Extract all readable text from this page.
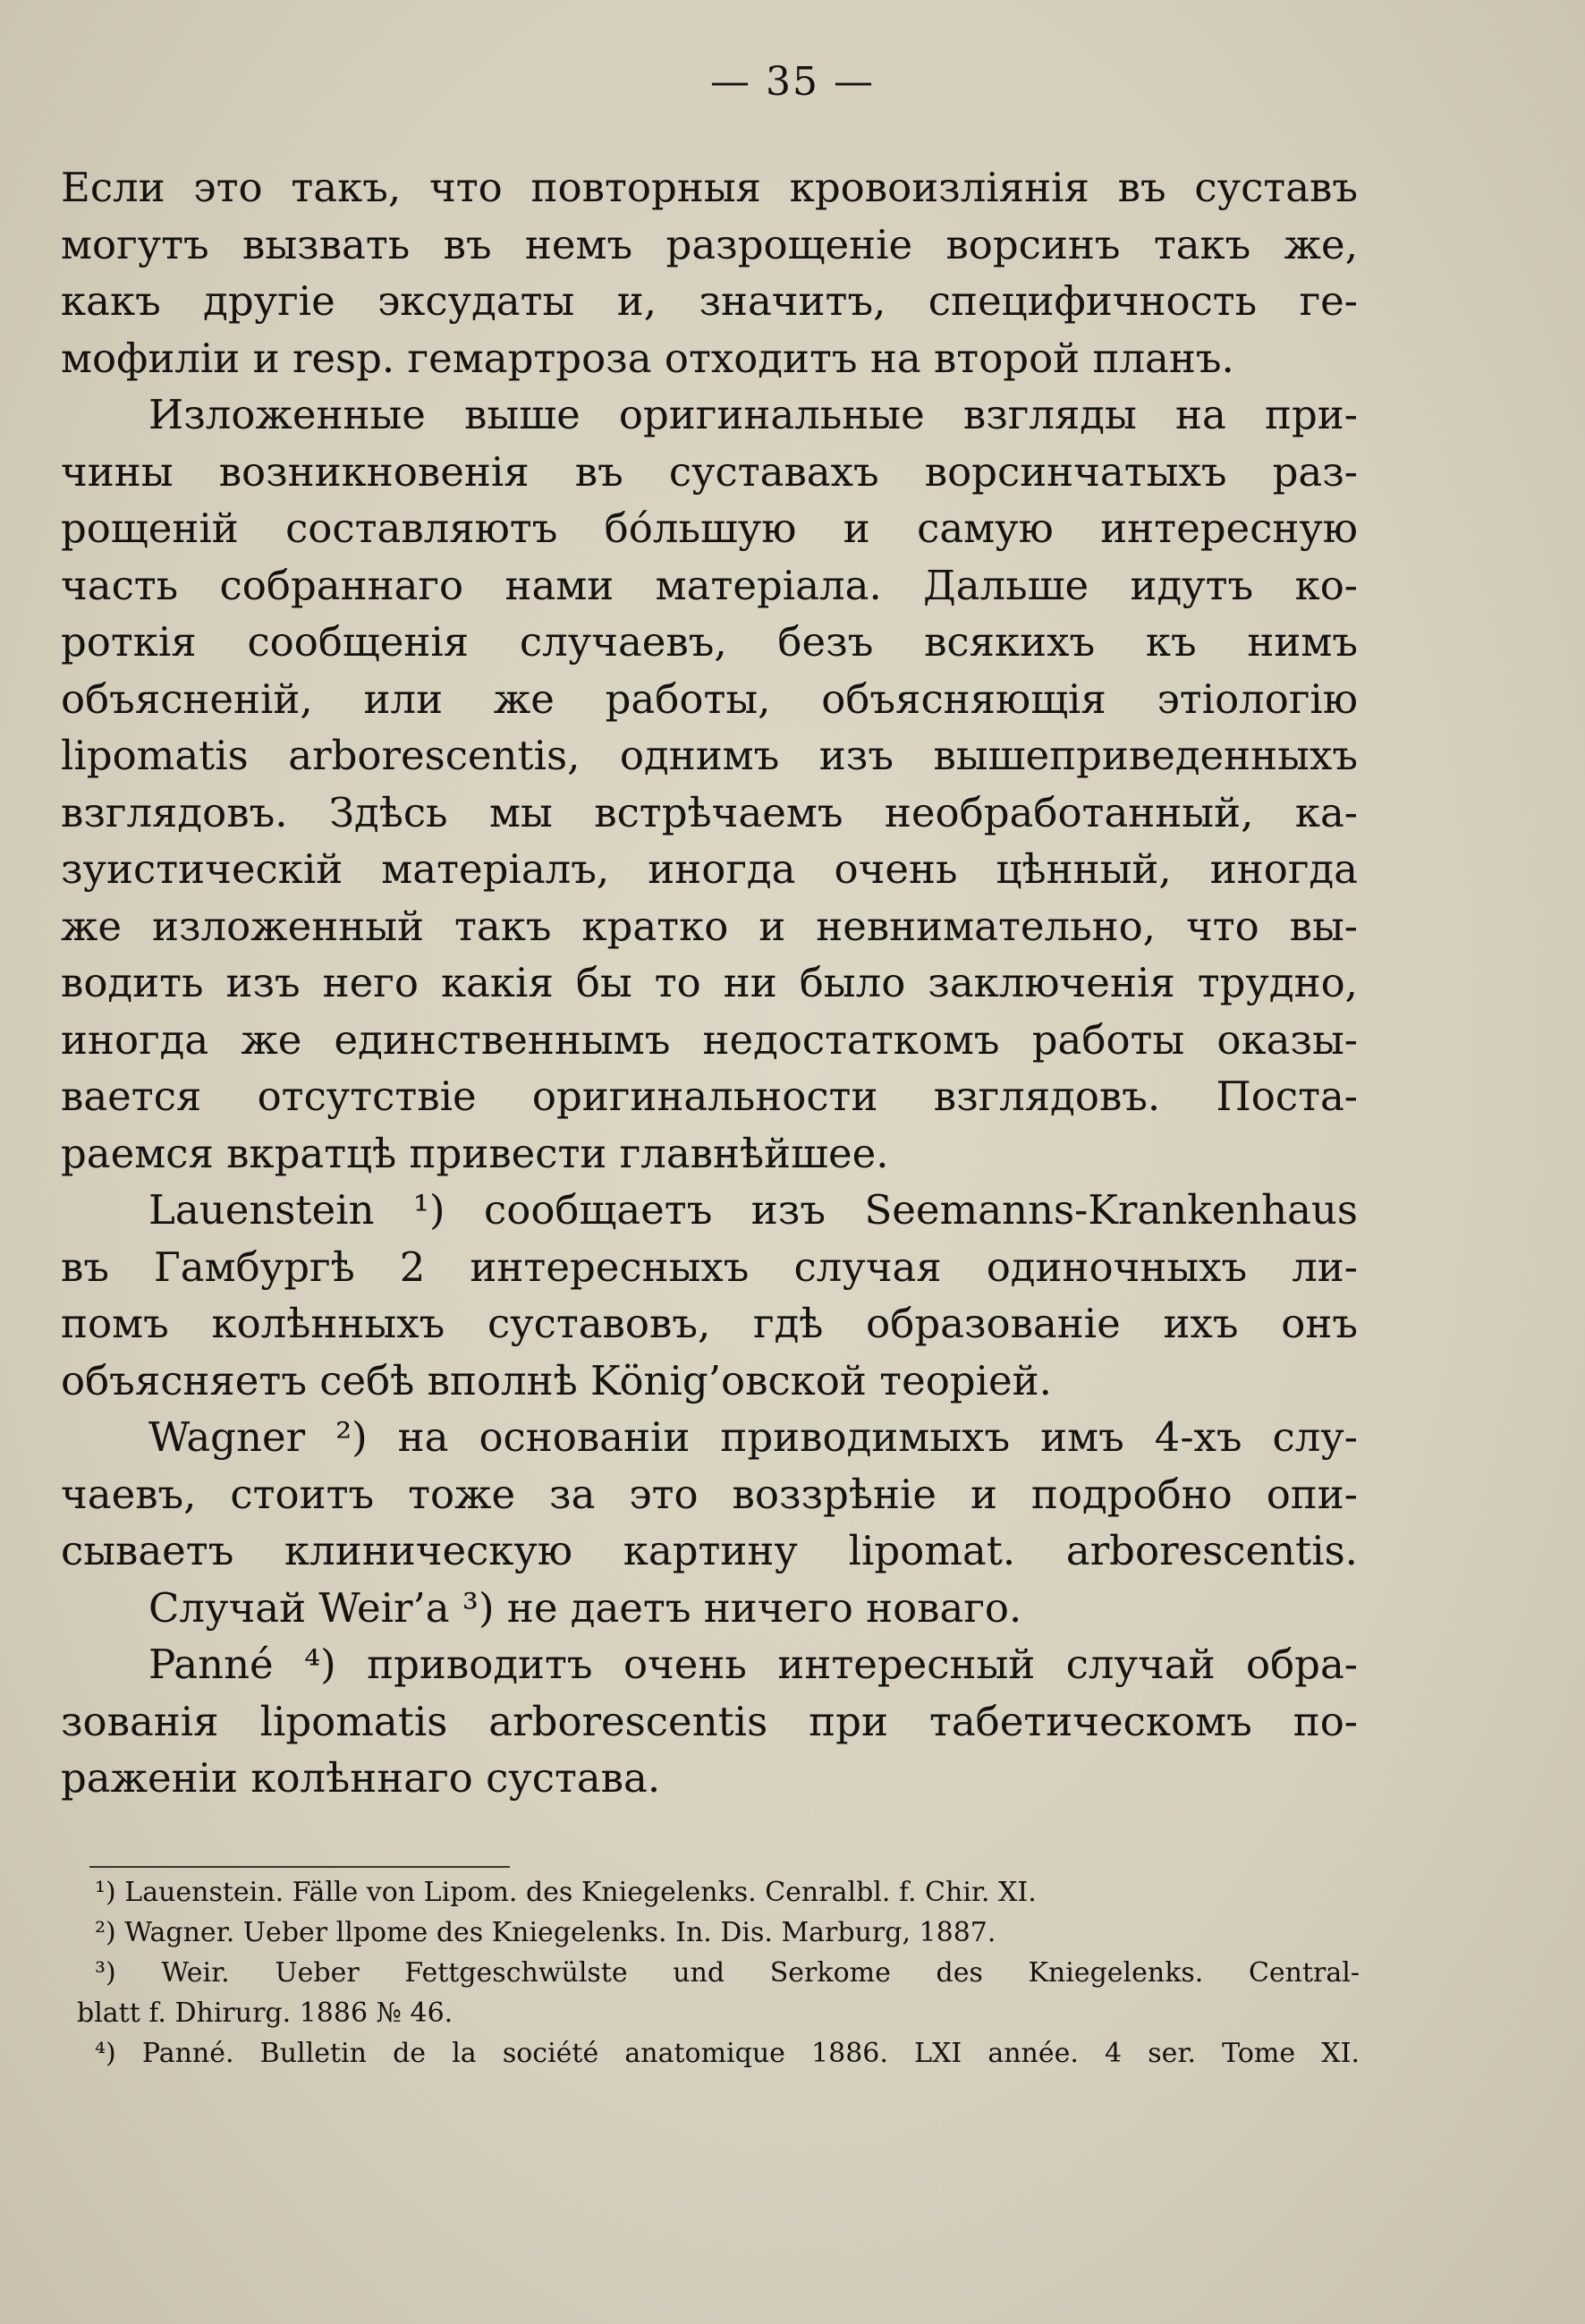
— 35 —
Если это такъ, что повторныя кровоизліянія въ суставъ
могутъ вызвать въ немъ разрощеніе ворсинъ такъ же,
какъ другіе эксудаты и, значитъ, специфичность ге-
мофиліи и resp. гемартроза отходитъ на второй планъ.
Изложенные выше оригинальные взгляды на при-
чины возникновенія въ суставахъ ворсинчатыхъ раз-
рощеній составляютъ бо́льшую и самую интересную
часть собраннаго нами матеріала. Дальше идутъ ко-
роткія сообщенія случаевъ, безъ всякихъ къ нимъ
объясненій, или же работы, объясняющія этіологію
lipomatis arborescentis, однимъ изъ вышеприведенныхъ
взглядовъ. Здѣсь мы встрѣчаемъ необработанный, ка-
зуистическій матеріалъ, иногда очень цѣнный, иногда
же изложенный такъ кратко и невнимательно, что вы-
водить изъ него какія бы то ни было заключенія трудно,
иногда же единственнымъ недостаткомъ работы оказы-
вается отсутствіе оригинальности взглядовъ. Поста-
раемся вкратцѣ привести главнѣйшее.
Lauenstein ¹) сообщаетъ изъ Seemanns-Krankenhaus
въ Гамбургѣ 2 интересныхъ случая одиночныхъ ли-
помъ колѣнныхъ суставовъ, гдѣ образованіе ихъ онъ
объясняетъ себѣ вполнѣ König’овской теоріей.
Wagner ²) на основаніи приводимыхъ имъ 4-хъ слу-
чаевъ, стоитъ тоже за это воззрѣніе и подробно опи-
сываетъ клиническую картину lipomat. arborescentis.
Случай Weir’a ³) не даетъ ничего новаго.
Panné ⁴) приводитъ очень интересный случай обра-
зованія lipomatis arborescentis при табетическомъ по-
раженіи колѣннаго сустава.
¹) Lauenstein. Fälle von Lipom. des Kniegelenks. Cenralbl. f. Chir. XI.
²) Wagner. Ueber llpome des Kniegelenks. In. Dis. Marburg, 1887.
³) Weir. Ueber Fettgeschwülste und Serkome des Kniegelenks. Central-
blatt f. Dhirurg. 1886 № 46.
⁴) Panné. Bulletin de la société anatomique 1886. LXI année. 4 ser. Tome XI.
